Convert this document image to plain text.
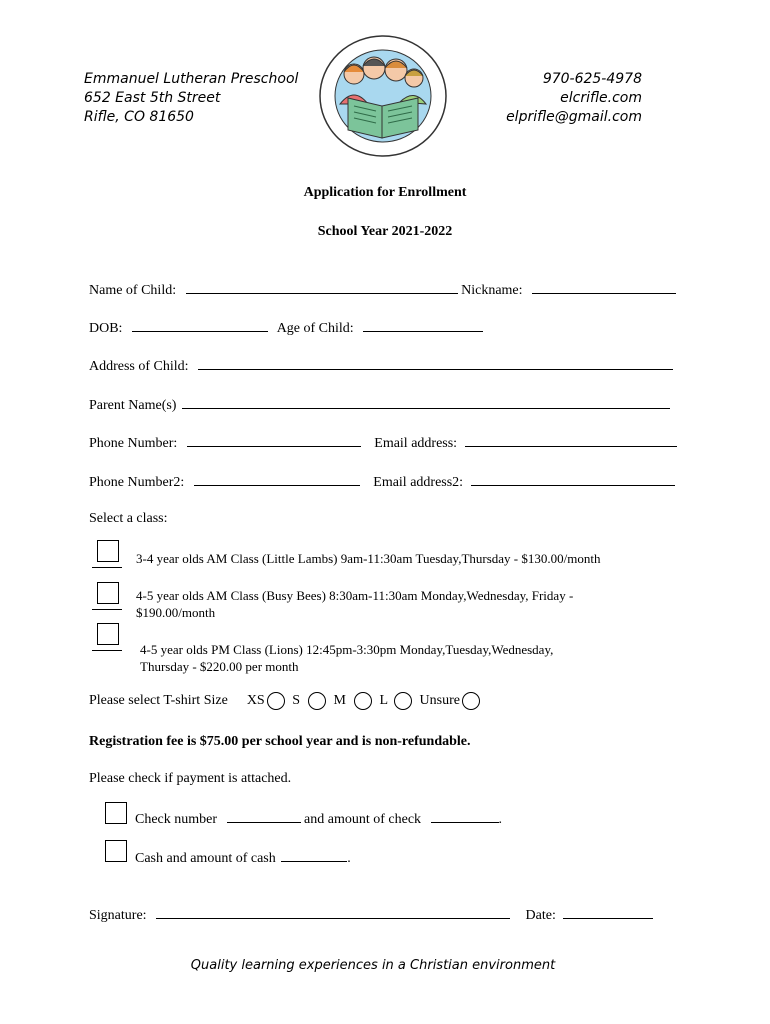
Emmanuel Lutheran Preschool
652 East 5th Street
Rifle, CO 81650
970-625-4978
elcrifle.com
elprifle@gmail.com
Application for Enrollment
School Year 2021-2022
Name of Child:	Nickname:
DOB:	Age of Child:
Address of Child:
Parent Name(s)
Phone Number:	Email address:
Phone Number2:	Email address2:
Select a class:
3-4 year olds AM Class (Little Lambs) 9am-11:30am Tuesday,Thursday - $130.00/month
4-5 year olds AM Class (Busy Bees) 8:30am-11:30am Monday,Wednesday, Friday -
$190.00/month
4-5 year olds PM Class (Lions) 12:45pm-3:30pm Monday,Tuesday,Wednesday,
Thursday - $220.00 per month
Please select T-shirt Size XS S M L Unsure
Registration fee is $75.00 per school year and is non-refundable.
Please check if payment is attached.
Check number	and amount of check	.
Cash and amount of cash	.
Signature:	Date:
Quality learning experiences in a Christian environment
